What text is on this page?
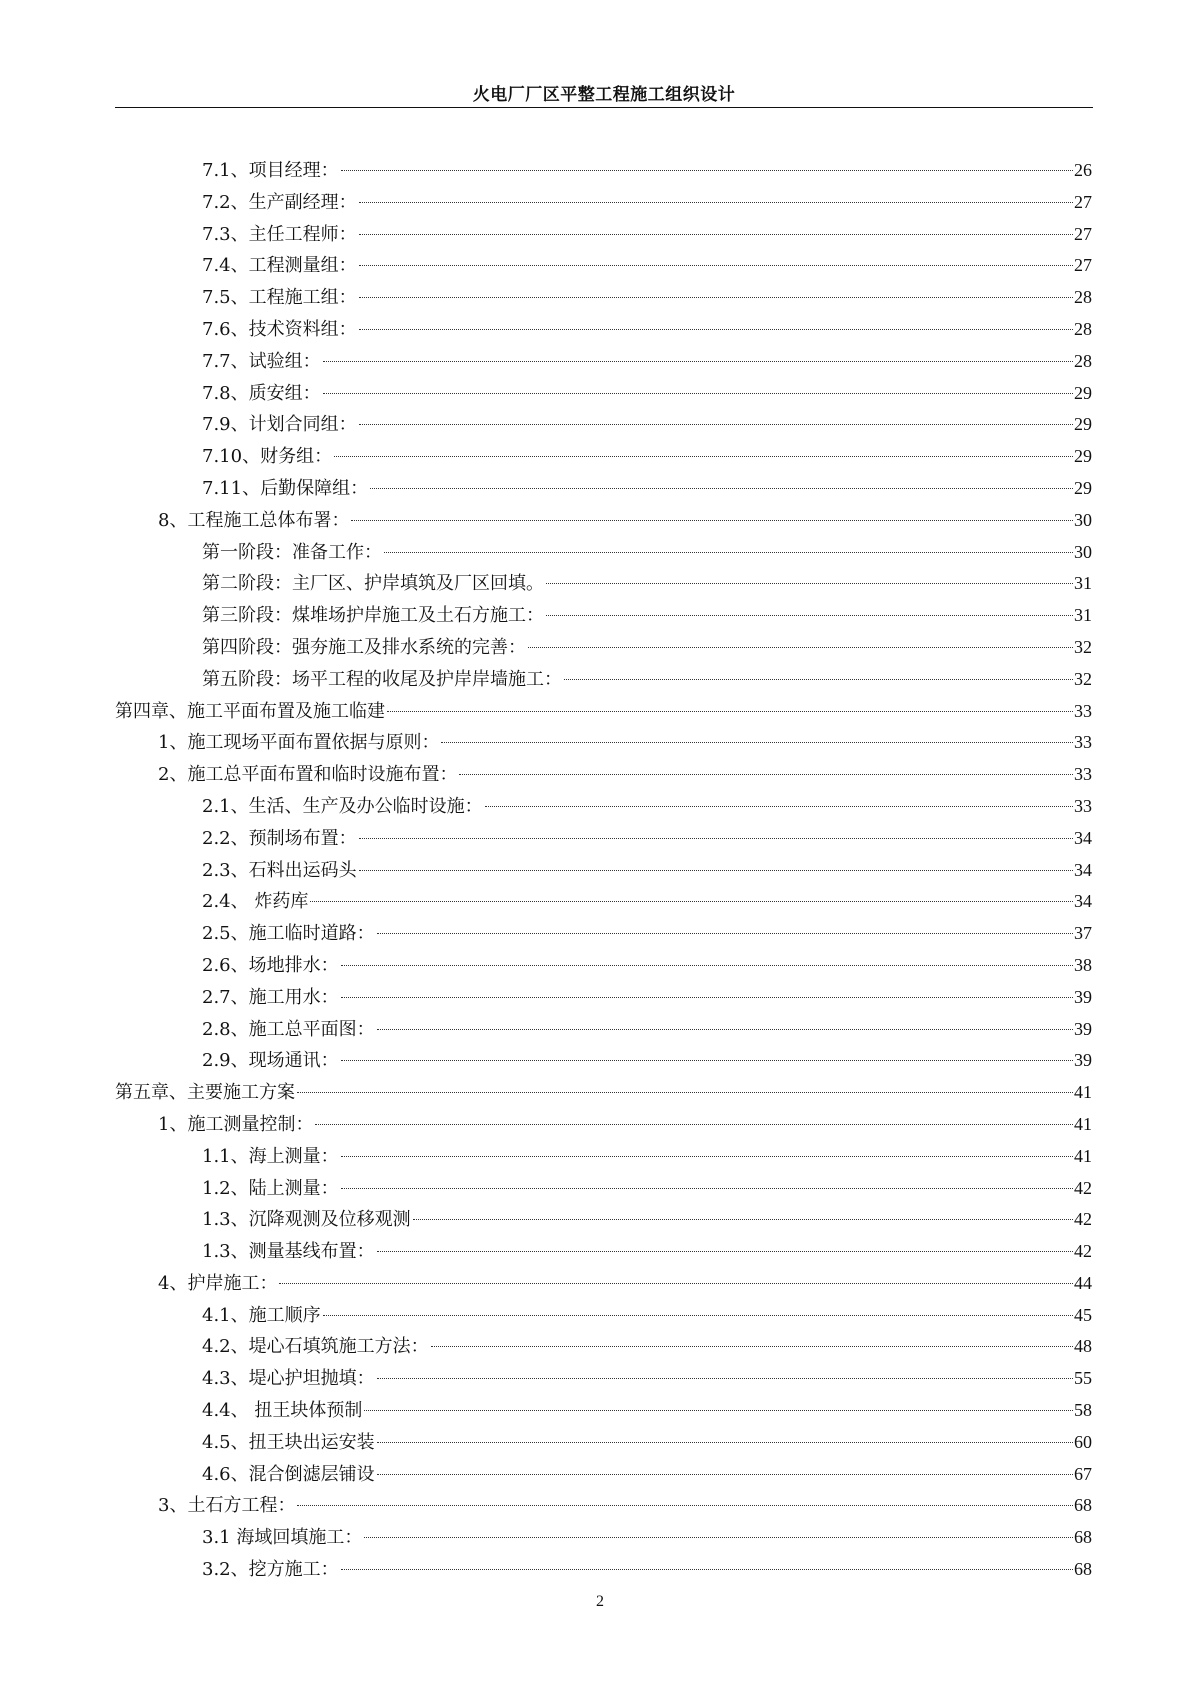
火电厂厂区平整工程施工组织设计
7.1、项目经理：	26
7.2、生产副经理：	27
7.3、主任工程师：	27
7.4、工程测量组：	27
7.5、工程施工组：	28
7.6、技术资料组：	28
7.7、试验组：	28
7.8、质安组：	29
7.9、计划合同组：	29
7.10、财务组：	29
7.11、后勤保障组：	29
8、工程施工总体布署：	30
第一阶段：准备工作：	30
第二阶段：主厂区、护岸填筑及厂区回填。	31
第三阶段：煤堆场护岸施工及土石方施工：	31
第四阶段：强夯施工及排水系统的完善：	32
第五阶段：场平工程的收尾及护岸岸墙施工：	32
第四章、施工平面布置及施工临建	33
1、施工现场平面布置依据与原则：	33
2、施工总平面布置和临时设施布置：	33
2.1、生活、生产及办公临时设施：	33
2.2、预制场布置：	34
2.3、石料出运码头	34
2.4、 炸药库	34
2.5、施工临时道路：	37
2.6、场地排水：	38
2.7、施工用水：	39
2.8、施工总平面图：	39
2.9、现场通讯：	39
第五章、主要施工方案	41
1、施工测量控制：	41
1.1、海上测量：	41
1.2、陆上测量：	42
1.3、沉降观测及位移观测	42
1.3、测量基线布置：	42
4、护岸施工：	44
4.1、施工顺序	45
4.2、堤心石填筑施工方法：	48
4.3、堤心护坦抛填：	55
4.4、 扭王块体预制	58
4.5、扭王块出运安装	60
4.6、混合倒滤层铺设	67
3、土石方工程：	68
3.1 海域回填施工：	68
3.2、挖方施工：	68
2
